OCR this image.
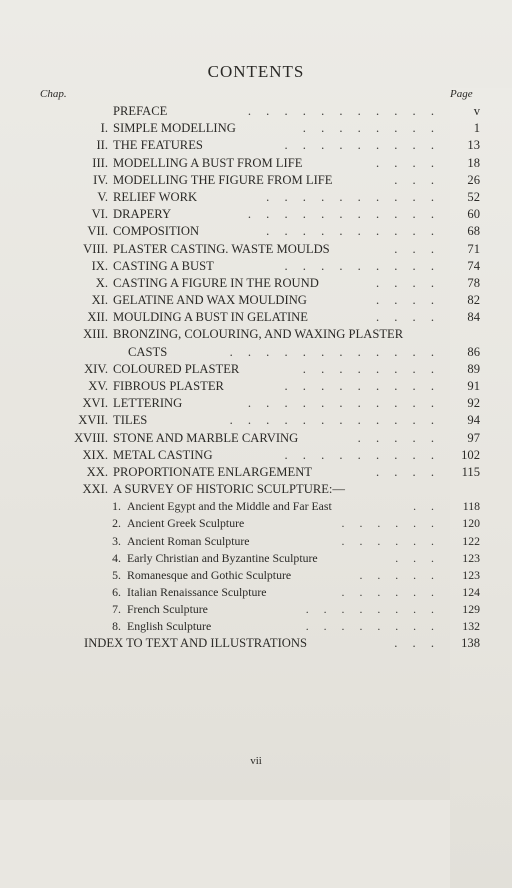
CONTENTS
Chap.	Page
PREFACE	. . . . . . . . . . .	v
I. SIMPLE MODELLING	. . . . . . . .	1
II. THE FEATURES	. . . . . . . . .	13
III. MODELLING A BUST FROM LIFE	. . . .	18
IV. MODELLING THE FIGURE FROM LIFE	. . .	26
V. RELIEF WORK	. . . . . . . . . .	52
VI. DRAPERY	. . . . . . . . . . .	60
VII. COMPOSITION	. . . . . . . . . .	68
VIII. PLASTER CASTING. WASTE MOULDS	. . .	71
IX. CASTING A BUST	. . . . . . . . .	74
X. CASTING A FIGURE IN THE ROUND	. . . .	78
XI. GELATINE AND WAX MOULDING	. . . .	82
XII. MOULDING A BUST IN GELATINE	. . . .	84
XIII. BRONZING, COLOURING, AND WAXING PLASTER
CASTS	. . . . . . . . . . . .	86
XIV. COLOURED PLASTER	. . . . . . . .	89
XV. FIBROUS PLASTER	. . . . . . . . .	91
XVI. LETTERING	. . . . . . . . . . .	92
XVII. TILES	. . . . . . . . . . . .	94
XVIII. STONE AND MARBLE CARVING	. . . . .	97
XIX. METAL CASTING	. . . . . . . . .	102
XX. PROPORTIONATE ENLARGEMENT	. . . .	115
XXI. A SURVEY OF HISTORIC SCULPTURE:—
1. Ancient Egypt and the Middle and Far East	. .	118
2. Ancient Greek Sculpture	. . . . . .	120
3. Ancient Roman Sculpture	. . . . . .	122
4. Early Christian and Byzantine Sculpture	. . .	123
5. Romanesque and Gothic Sculpture	. . . . .	123
6. Italian Renaissance Sculpture	. . . . . .	124
7. French Sculpture	. . . . . . . .	129
8. English Sculpture	. . . . . . . .	132
INDEX TO TEXT AND ILLUSTRATIONS	. . .	138
vii
